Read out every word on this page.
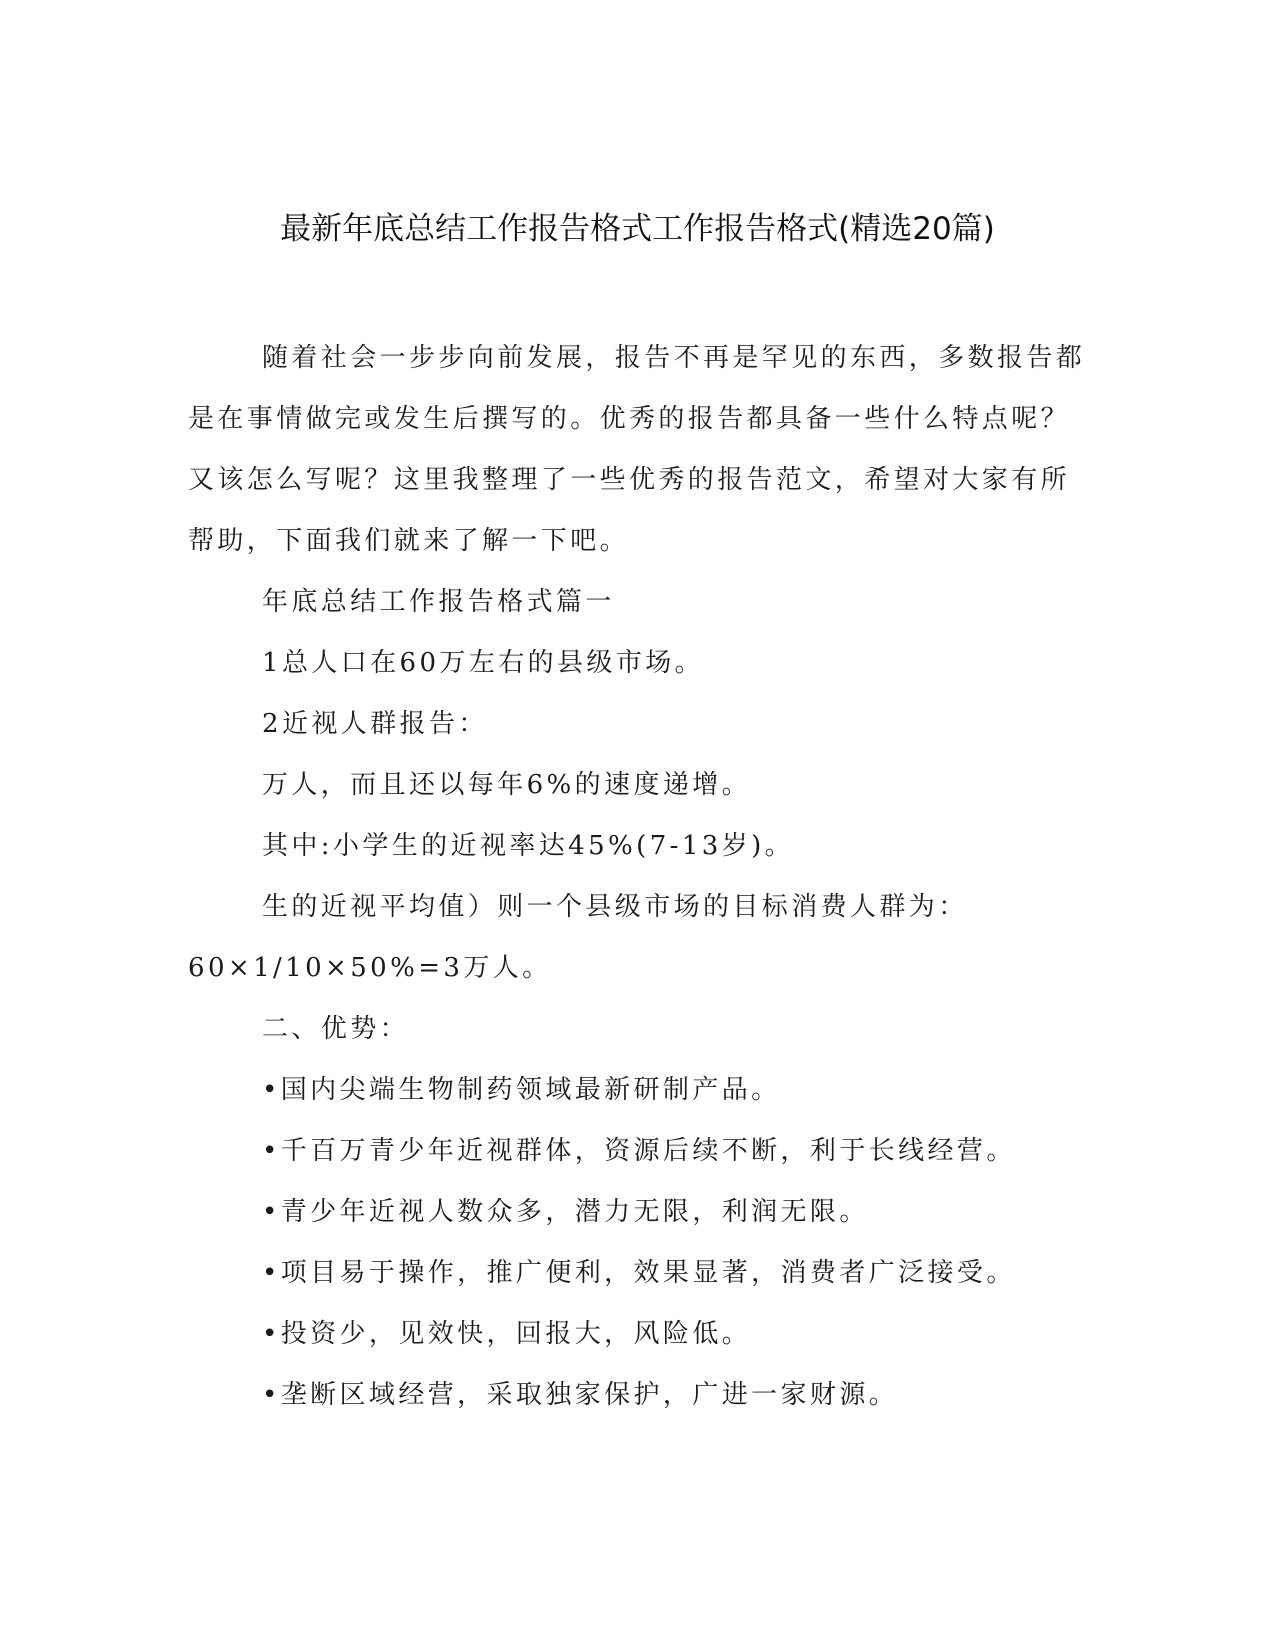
最新年底总结工作报告格式工作报告格式(精选20篇)

随着社会一步步向前发展，报告不再是罕见的东西，多数报告都

是在事情做完或发生后撰写的。优秀的报告都具备一些什么特点呢？

又该怎么写呢？这里我整理了一些优秀的报告范文，希望对大家有所

帮助，下面我们就来了解一下吧。

年底总结工作报告格式篇一

1总人口在60万左右的县级市场。

2近视人群报告：

万人，而且还以每年6%的速度递增。

其中:小学生的近视率达45%(7-13岁)。

生的近视平均值）则一个县级市场的目标消费人群为：

60×1/10×50%=3万人。

二、优势：

•国内尖端生物制药领域最新研制产品。

•千百万青少年近视群体，资源后续不断，利于长线经营。

•青少年近视人数众多，潜力无限，利润无限。

•项目易于操作，推广便利，效果显著，消费者广泛接受。

•投资少，见效快，回报大，风险低。

•垄断区域经营，采取独家保护，广进一家财源。
